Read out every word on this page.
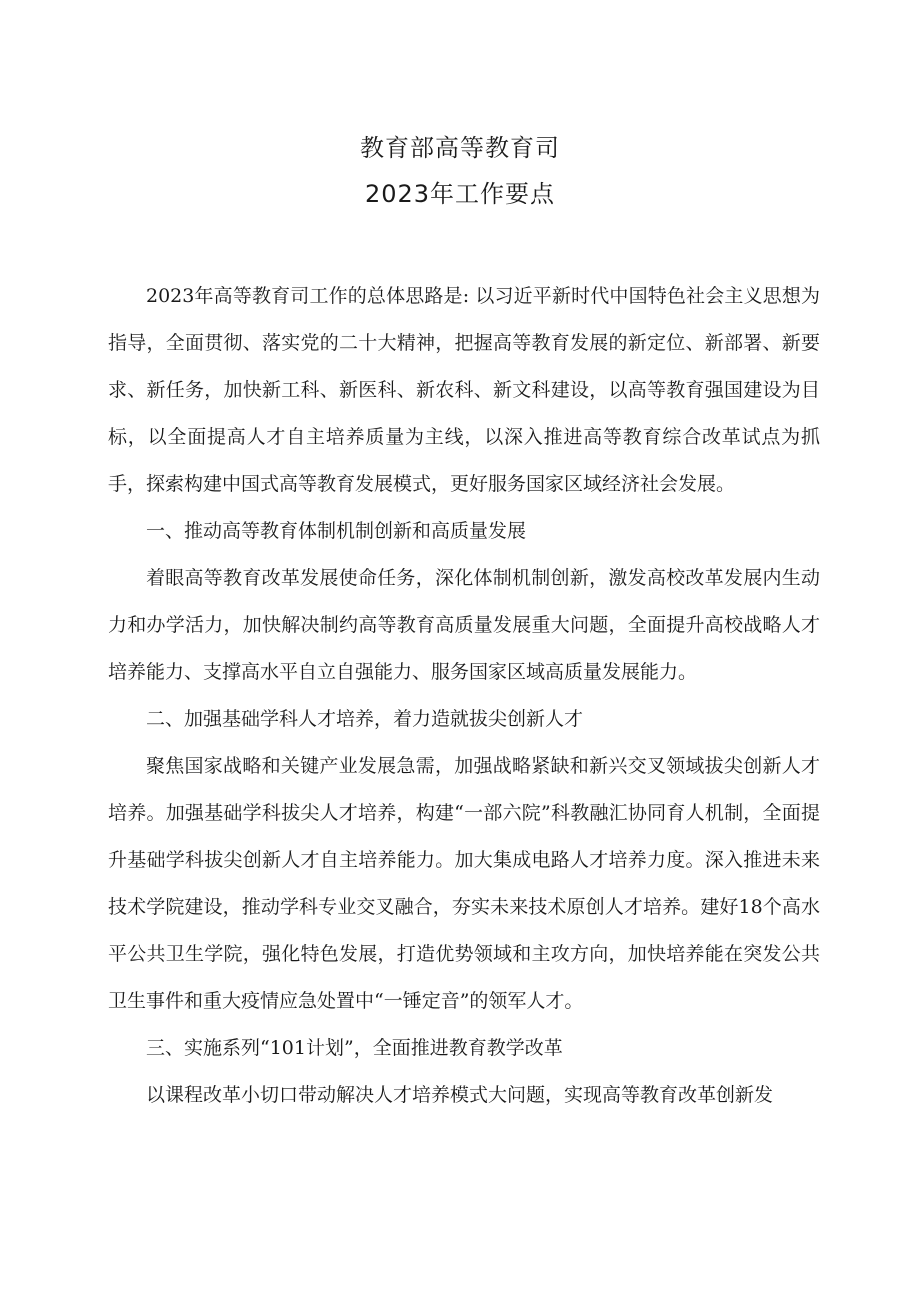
教育部高等教育司
2023年工作要点

2023年高等教育司工作的总体思路是: 以习近平新时代中国特色社会主义思想为指导，全面贯彻、落实党的二十大精神，把握高等教育发展的新定位、新部署、新要求、新任务，加快新工科、新医科、新农科、新文科建设，以高等教育强国建设为目标，以全面提高人才自主培养质量为主线，以深入推进高等教育综合改革试点为抓手，探索构建中国式高等教育发展模式，更好服务国家区域经济社会发展。

一、推动高等教育体制机制创新和高质量发展

着眼高等教育改革发展使命任务，深化体制机制创新，激发高校改革发展内生动力和办学活力，加快解决制约高等教育高质量发展重大问题，全面提升高校战略人才培养能力、支撑高水平自立自强能力、服务国家区域高质量发展能力。

二、加强基础学科人才培养，着力造就拔尖创新人才

聚焦国家战略和关键产业发展急需，加强战略紧缺和新兴交叉领域拔尖创新人才培养。加强基础学科拔尖人才培养，构建“一部六院”科教融汇协同育人机制，全面提升基础学科拔尖创新人才自主培养能力。加大集成电路人才培养力度。深入推进未来技术学院建设，推动学科专业交叉融合，夯实未来技术原创人才培养。建好18个高水平公共卫生学院，强化特色发展，打造优势领域和主攻方向，加快培养能在突发公共卫生事件和重大疫情应急处置中“一锤定音”的领军人才。

三、实施系列“101计划”，全面推进教育教学改革

以课程改革小切口带动解决人才培养模式大问题，实现高等教育改革创新发
